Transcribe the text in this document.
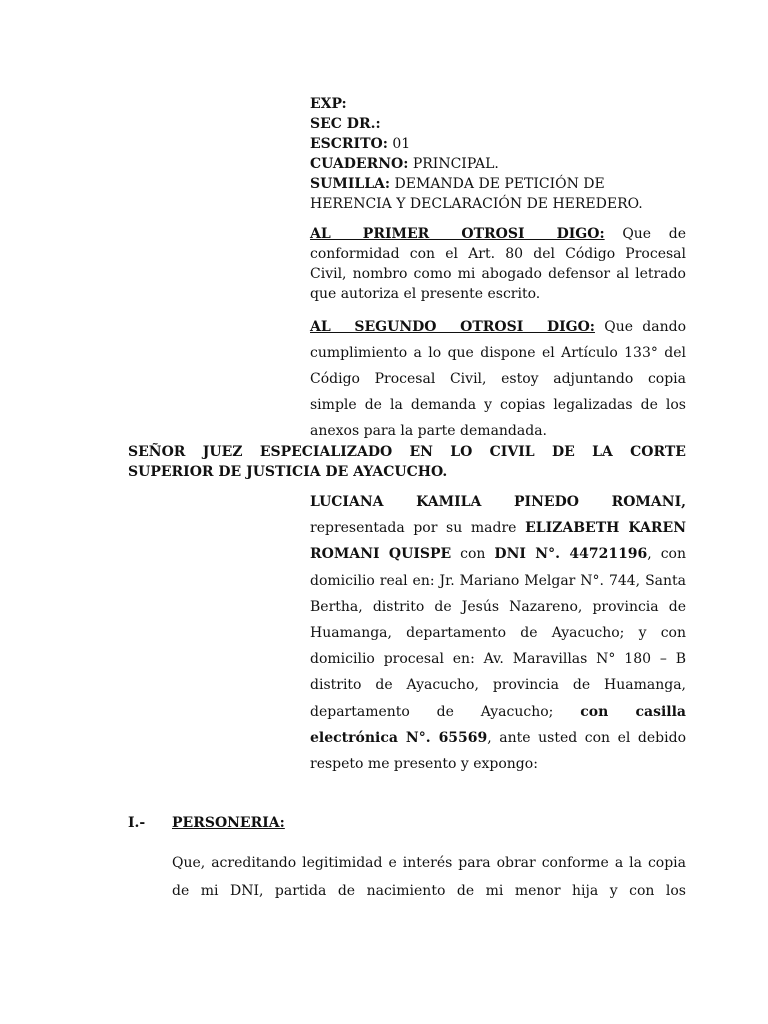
EXP:
SEC DR.:
ESCRITO: 01
CUADERNO: PRINCIPAL.
SUMILLA: DEMANDA DE PETICIÓN DE
HERENCIA Y DECLARACIÓN DE HEREDERO.
AL PRIMER OTROSI DIGO: Que de conformidad con el Art. 80 del Código Procesal Civil, nombro como mi abogado defensor al letrado que autoriza el presente escrito.
AL SEGUNDO OTROSI DIGO: Que dando cumplimiento a lo que dispone el Artículo 133° del Código Procesal Civil, estoy adjuntando copia simple de la demanda y copias legalizadas de los anexos para la parte demandada.
SEÑOR JUEZ ESPECIALIZADO EN LO CIVIL DE LA CORTE
SUPERIOR DE JUSTICIA DE AYACUCHO.
LUCIANA KAMILA PINEDO ROMANI,
representada por su madre ELIZABETH KAREN ROMANI QUISPE con DNI N°. 44721196, con domicilio real en: Jr. Mariano Melgar N°. 744, Santa Bertha, distrito de Jesús Nazareno, provincia de Huamanga, departamento de Ayacucho; y con domicilio procesal en: Av. Maravillas N° 180 – B distrito de Ayacucho, provincia de Huamanga, departamento de Ayacucho; con casilla electrónica N°. 65569, ante usted con el debido respeto me presento y expongo:
I.- PERSONERIA:
Que, acreditando legitimidad e interés para obrar conforme a la copia de mi DNI, partida de nacimiento de mi menor hija y con los
